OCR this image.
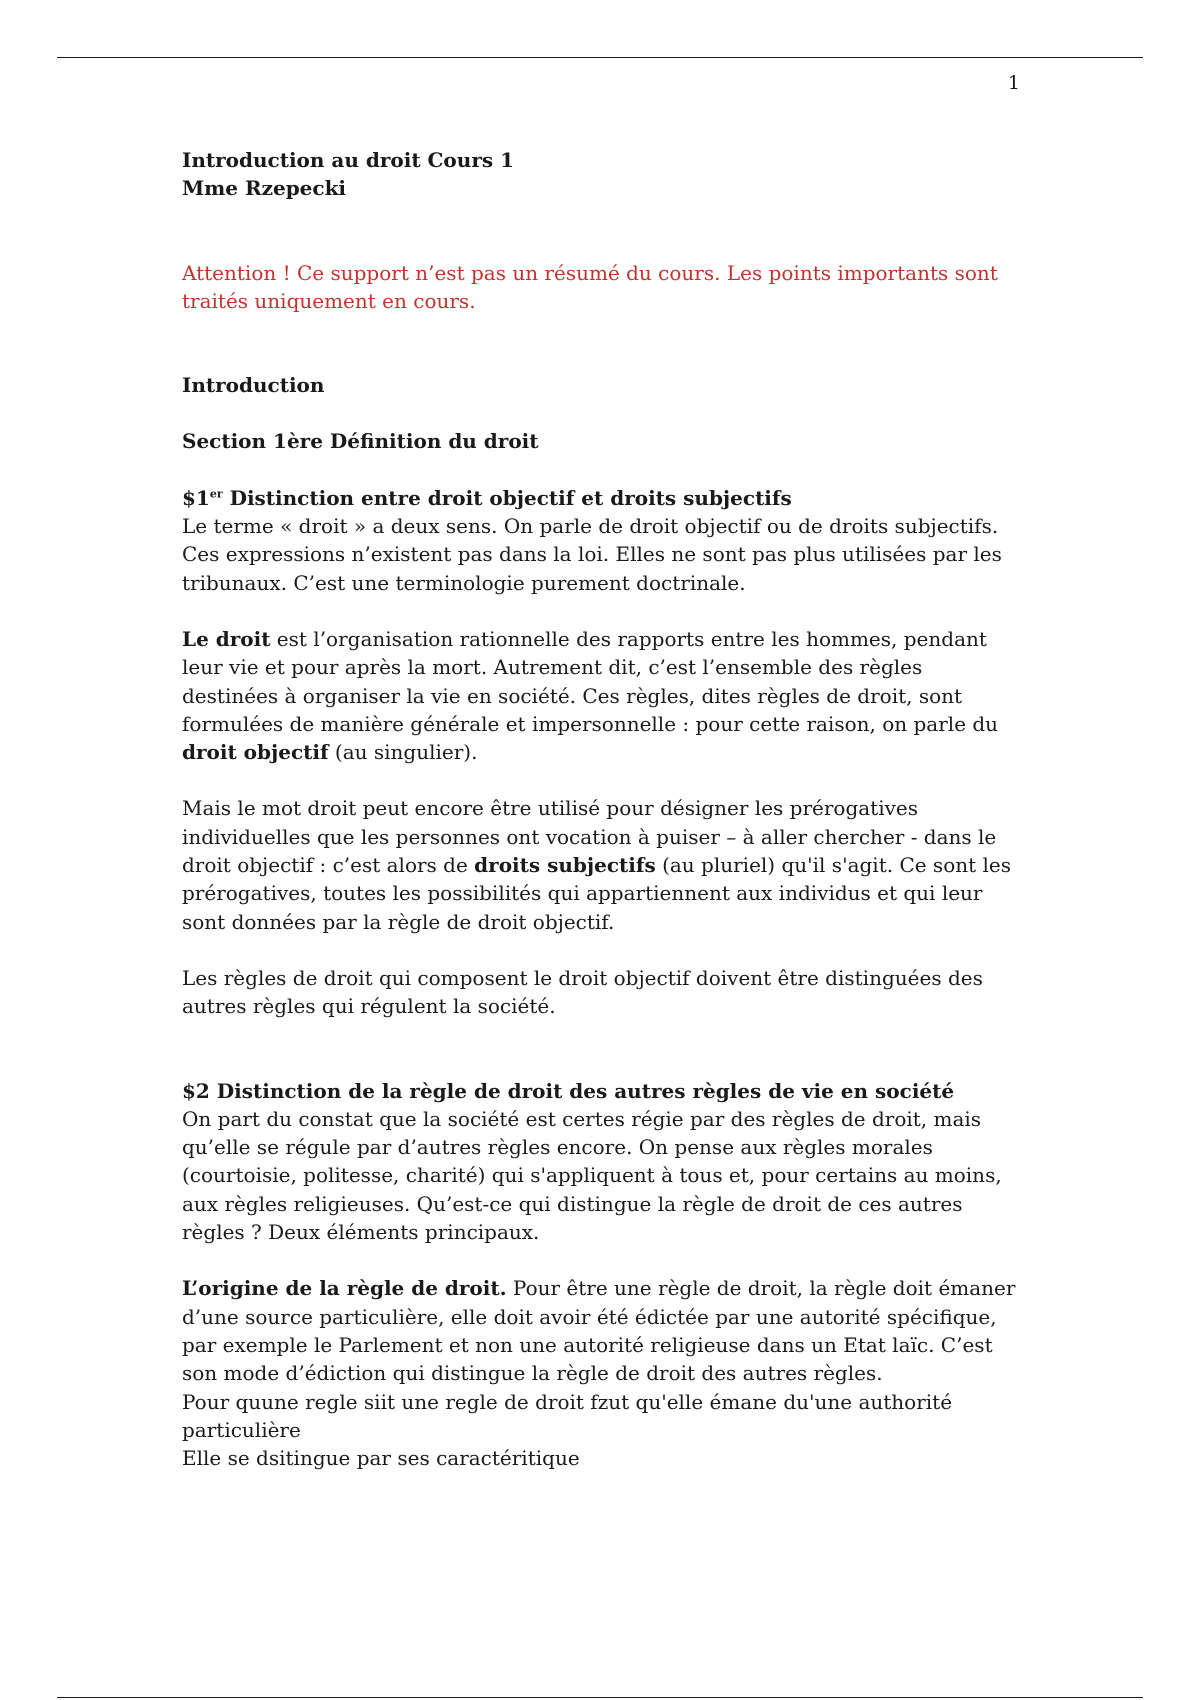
1

Introduction au droit Cours 1

Mme Rzepecki

Attention ! Ce support n’est pas un résumé du cours. Les points importants sont traités uniquement en cours.

Introduction

Section 1ère Définition du droit

$1er Distinction entre droit objectif et droits subjectifs

Le terme « droit » a deux sens. On parle de droit objectif ou de droits subjectifs. Ces expressions n’existent pas dans la loi. Elles ne sont pas plus utilisées par les tribunaux. C’est une terminologie purement doctrinale.

Le droit est l’organisation rationnelle des rapports entre les hommes, pendant leur vie et pour après la mort. Autrement dit, c’est l’ensemble des règles destinées à organiser la vie en société. Ces règles, dites règles de droit, sont formulées de manière générale et impersonnelle : pour cette raison, on parle du droit objectif (au singulier).

Mais le mot droit peut encore être utilisé pour désigner les prérogatives individuelles que les personnes ont vocation à puiser – à aller chercher - dans le droit objectif : c’est alors de droits subjectifs (au pluriel) qu'il s'agit. Ce sont les prérogatives, toutes les possibilités qui appartiennent aux individus et qui leur sont données par la règle de droit objectif.

Les règles de droit qui composent le droit objectif doivent être distinguées des autres règles qui régulent la société.

$2 Distinction de la règle de droit des autres règles de vie en société

On part du constat que la société est certes régie par des règles de droit, mais qu’elle se régule par d’autres règles encore. On pense aux règles morales (courtoisie, politesse, charité) qui s'appliquent à tous et, pour certains au moins, aux règles religieuses. Qu’est-ce qui distingue la règle de droit de ces autres règles ? Deux éléments principaux.

L’origine de la règle de droit. Pour être une règle de droit, la règle doit émaner d’une source particulière, elle doit avoir été édictée par une autorité spécifique, par exemple le Parlement et non une autorité religieuse dans un Etat laïc. C’est son mode d’édiction qui distingue la règle de droit des autres règles.

Pour quune regle siit une regle de droit fzut qu'elle émane du'une authorité particulière

Elle se dsitingue par ses caractéritique
